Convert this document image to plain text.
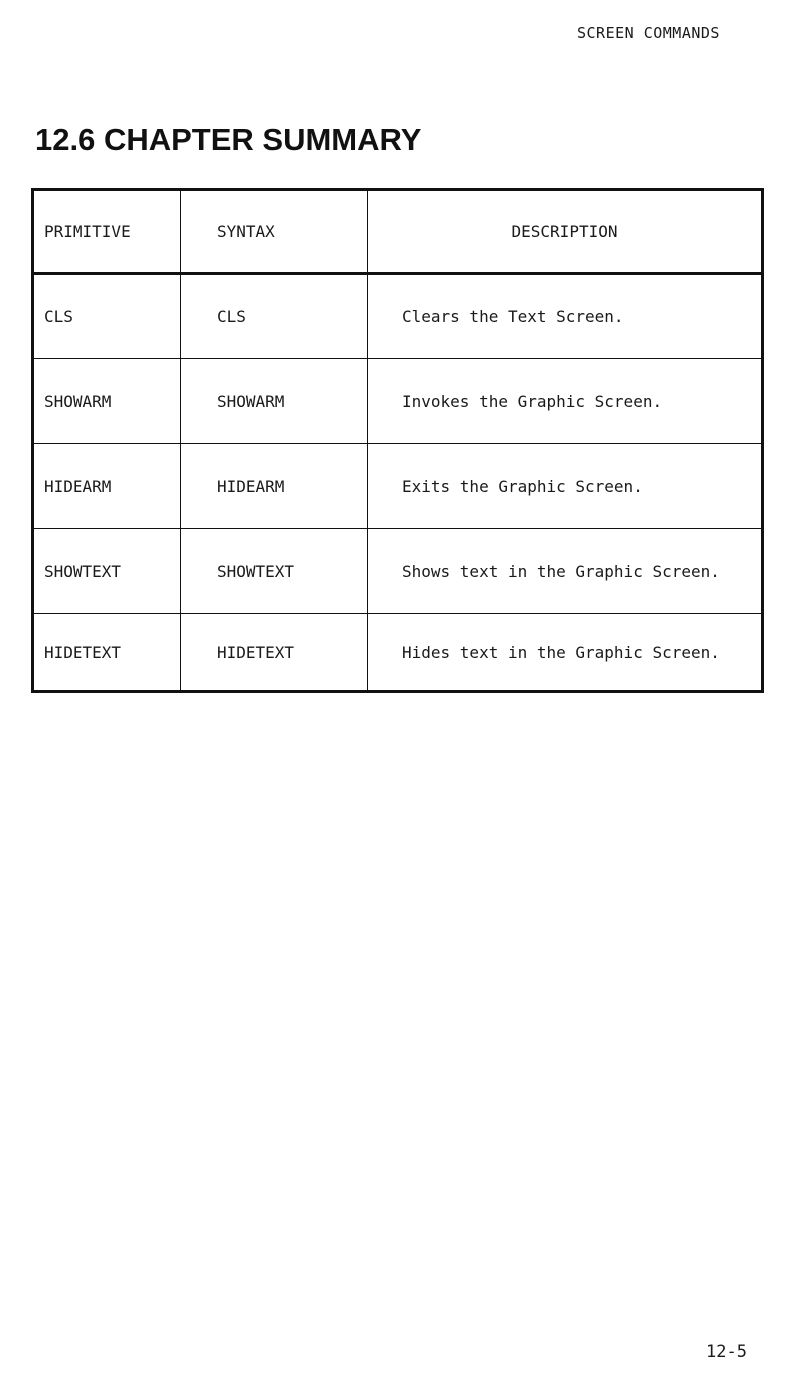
SCREEN COMMANDS
12.6 CHAPTER SUMMARY
PRIMITIVE	SYNTAX	DESCRIPTION
CLS	CLS	Clears the Text Screen.
SHOWARM	SHOWARM	Invokes the Graphic Screen.
HIDEARM	HIDEARM	Exits the Graphic Screen.
SHOWTEXT	SHOWTEXT	Shows text in the Graphic Screen.
HIDETEXT	HIDETEXT	Hides text in the Graphic Screen.
12-5
